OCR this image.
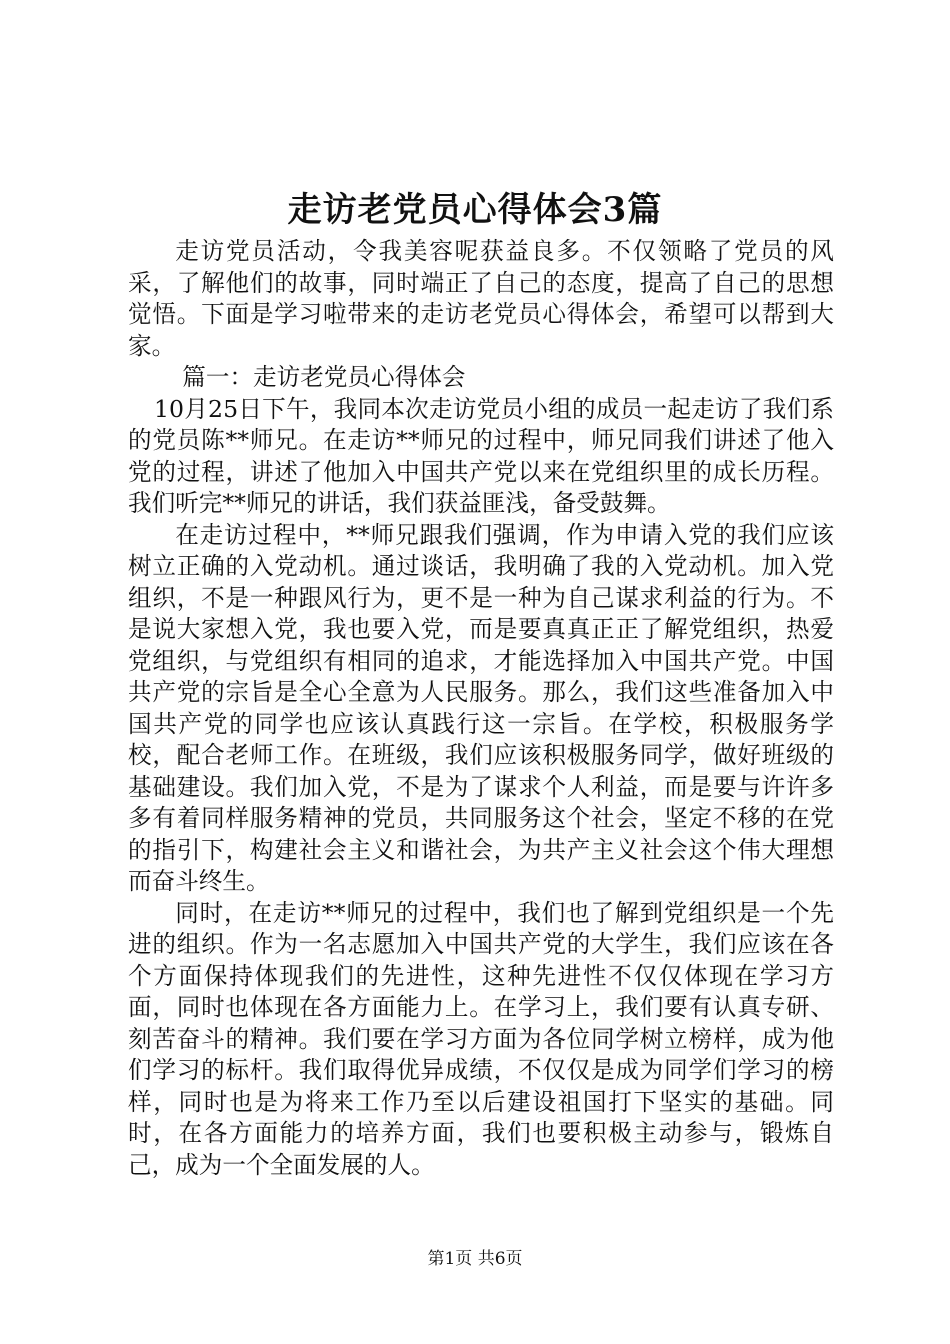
走访老党员心得体会3篇

走访党员活动，令我美容呢获益良多。不仅领略了党员的风采，了解他们的故事，同时端正了自己的态度，提高了自己的思想觉悟。下面是学习啦带来的走访老党员心得体会，希望可以帮到大家。

篇一：走访老党员心得体会

10月25日下午，我同本次走访党员小组的成员一起走访了我们系的党员陈**师兄。在走访**师兄的过程中，师兄同我们讲述了他入党的过程，讲述了他加入中国共产党以来在党组织里的成长历程。我们听完**师兄的讲话，我们获益匪浅，备受鼓舞。

在走访过程中，**师兄跟我们强调，作为申请入党的我们应该树立正确的入党动机。通过谈话，我明确了我的入党动机。加入党组织，不是一种跟风行为，更不是一种为自己谋求利益的行为。不是说大家想入党，我也要入党，而是要真真正正了解党组织，热爱党组织，与党组织有相同的追求，才能选择加入中国共产党。中国共产党的宗旨是全心全意为人民服务。那么，我们这些准备加入中国共产党的同学也应该认真践行这一宗旨。在学校，积极服务学校，配合老师工作。在班级，我们应该积极服务同学，做好班级的基础建设。我们加入党，不是为了谋求个人利益，而是要与许许多多有着同样服务精神的党员，共同服务这个社会，坚定不移的在党的指引下，构建社会主义和谐社会，为共产主义社会这个伟大理想而奋斗终生。

同时，在走访**师兄的过程中，我们也了解到党组织是一个先进的组织。作为一名志愿加入中国共产党的大学生，我们应该在各个方面保持体现我们的先进性，这种先进性不仅仅体现在学习方面，同时也体现在各方面能力上。在学习上，我们要有认真专研、刻苦奋斗的精神。我们要在学习方面为各位同学树立榜样，成为他们学习的标杆。我们取得优异成绩，不仅仅是成为同学们学习的榜样，同时也是为将来工作乃至以后建设祖国打下坚实的基础。同时，在各方面能力的培养方面，我们也要积极主动参与，锻炼自己，成为一个全面发展的人。

第1页 共6页
